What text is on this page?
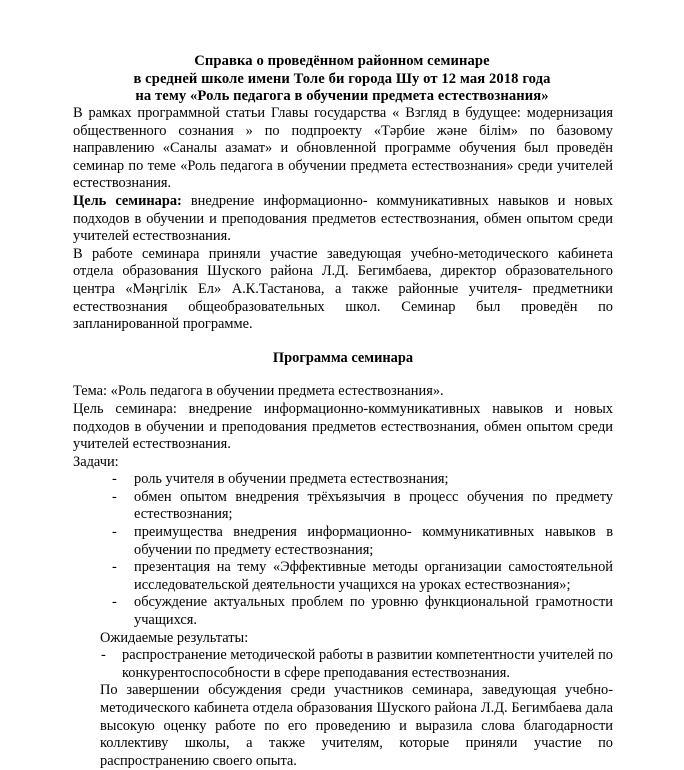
Справка о проведённом районном семинаре
в средней школе имени Толе би города Шу от 12 мая 2018 года
на тему «Роль педагога в обучении предмета естествознания»

В рамках программной статьи Главы государства « Взгляд в будущее: модернизация общественного сознания » по подпроекту «Тәрбие және білім» по базовому направлению «Саналы азамат» и обновленной программе обучения был проведён семинар по теме «Роль педагога в обучении предмета естествознания» среди учителей естествознания.

Цель семинара: внедрение информационно- коммуникативных навыков и новых подходов в обучении и преподования предметов естествознания, обмен опытом среди учителей естествознания.

В работе семинара приняли участие заведующая учебно-методического кабинета отдела образования Шуского района Л.Д. Бегимбаева, директор образовательного центра «Мәңгілік Ел» А.К.Тастанова, а также районные учителя- предметники естествознания общеобразовательных школ. Семинар был проведён по запланированной программе.

Программа семинара

Тема: «Роль педагога в обучении предмета естествознания».

Цель семинара: внедрение информационно-коммуникативных навыков и новых подходов в обучении и преподования предметов естествознания, обмен опытом среди учителей естествознания.

Задачи:

- роль учителя в обучении предмета естествознания;
- обмен опытом внедрения трёхъязычия в процесс обучения по предмету естествознания;
- преимущества внедрения информационно- коммуникативных навыков в обучении по предмету естествознания;
- презентация на тему «Эффективные методы организации самостоятельной исследовательской деятельности учащихся на уроках естествознания»;
- обсуждение актуальных проблем по уровню функциональной грамотности учащихся.

Ожидаемые результаты:

- распространение методической работы в развитии компетентности учителей по конкурентоспособности в сфере преподавания естествознания.

По завершении обсуждения среди участников семинара, заведующая учебно-методического кабинета отдела образования Шуского района Л.Д. Бегимбаева дала высокую оценку работе по его проведению и выразила слова благодарности коллективу школы, а также учителям, которые приняли участие по распространению своего опыта.
